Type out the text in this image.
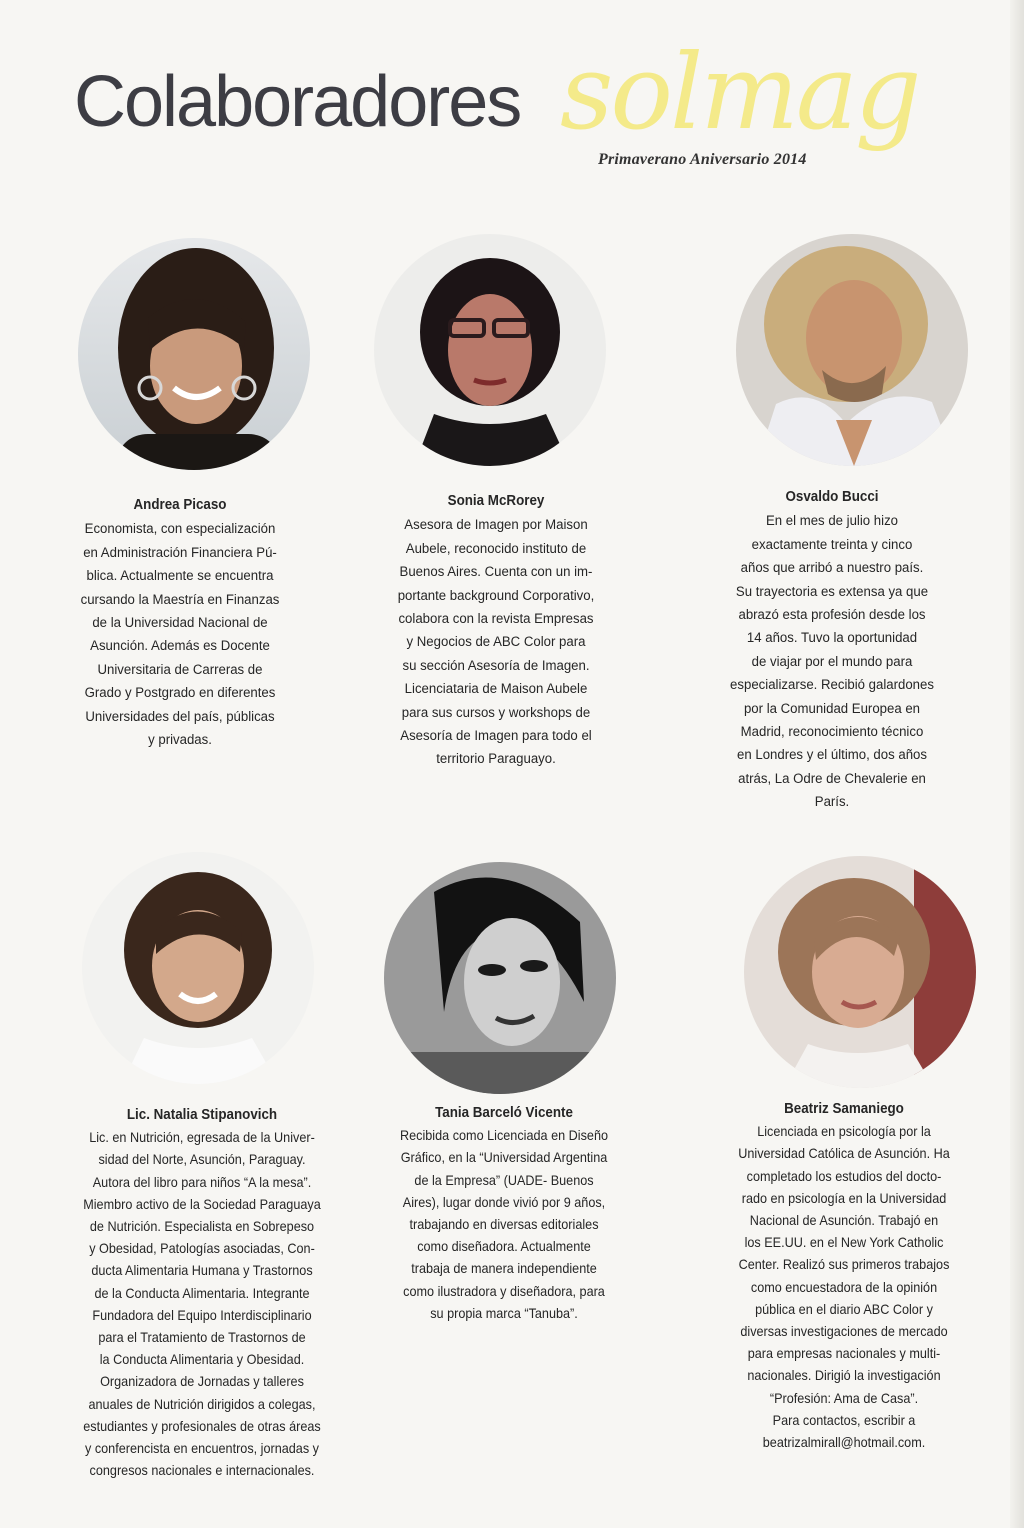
Colaboradores solmag
Primaverano Aniversario 2014
Andrea Picaso
Economista, con especialización
en Administración Financiera Pú-
blica. Actualmente se encuentra
cursando la Maestría en Finanzas
de la Universidad Nacional de
Asunción. Además es Docente
Universitaria de Carreras de
Grado y Postgrado en diferentes
Universidades del país, públicas
y privadas.
Sonia McRorey
Asesora de Imagen por Maison
Aubele, reconocido instituto de
Buenos Aires. Cuenta con un im-
portante background Corporativo,
colabora con la revista Empresas
y Negocios de ABC Color para
su sección Asesoría de Imagen.
Licenciataria de Maison Aubele
para sus cursos y workshops de
Asesoría de Imagen para todo el
territorio Paraguayo.
Osvaldo Bucci
En el mes de julio hizo
exactamente treinta y cinco
años que arribó a nuestro país.
Su trayectoria es extensa ya que
abrazó esta profesión desde los
14 años. Tuvo la oportunidad
de viajar por el mundo para
especializarse. Recibió galardones
por la Comunidad Europea en
Madrid, reconocimiento técnico
en Londres y el último, dos años
atrás, La Odre de Chevalerie en
París.
Lic. Natalia Stipanovich
Lic. en Nutrición, egresada de la Univer-
sidad del Norte, Asunción, Paraguay.
Autora del libro para niños “A la mesa”.
Miembro activo de la Sociedad Paraguaya
de Nutrición. Especialista en Sobrepeso
y Obesidad, Patologías asociadas, Con-
ducta Alimentaria Humana y Trastornos
de la Conducta Alimentaria. Integrante
Fundadora del Equipo Interdisciplinario
para el Tratamiento de Trastornos de
la Conducta Alimentaria y Obesidad.
Organizadora de Jornadas y talleres
anuales de Nutrición dirigidos a colegas,
estudiantes y profesionales de otras áreas
y conferencista en encuentros, jornadas y
congresos nacionales e internacionales.
Tania Barceló Vicente
Recibida como Licenciada en Diseño
Gráfico, en la “Universidad Argentina
de la Empresa” (UADE- Buenos
Aires), lugar donde vivió por 9 años,
trabajando en diversas editoriales
como diseñadora. Actualmente
trabaja de manera independiente
como ilustradora y diseñadora, para
su propia marca “Tanuba”.
Beatriz Samaniego
Licenciada en psicología por la
Universidad Católica de Asunción. Ha
completado los estudios del docto-
rado en psicología en la Universidad
Nacional de Asunción. Trabajó en
los EE.UU. en el New York Catholic
Center. Realizó sus primeros trabajos
como encuestadora de la opinión
pública en el diario ABC Color y
diversas investigaciones de mercado
para empresas nacionales y multi-
nacionales. Dirigió la investigación
“Profesión: Ama de Casa”.
Para contactos, escribir a
beatrizalmirall@hotmail.com.
